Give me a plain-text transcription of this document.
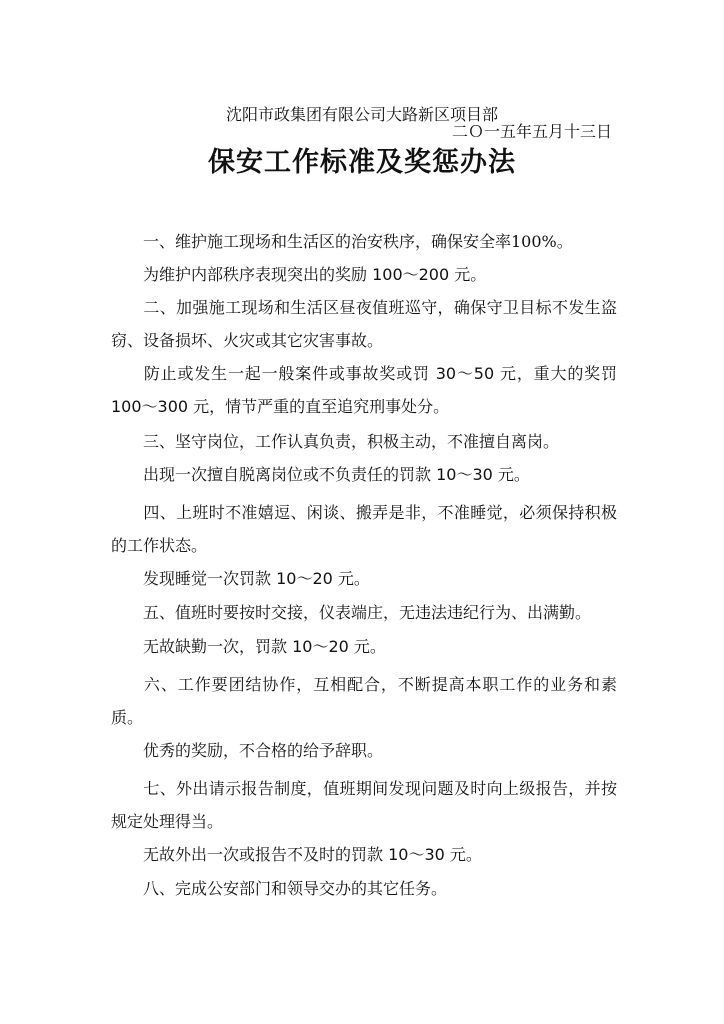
沈阳市政集团有限公司大路新区项目部
二Ｏ一五年五月十三日
保安工作标准及奖惩办法
一、维护施工现场和生活区的治安秩序，确保安全率100%。
为维护内部秩序表现突出的奖励 100～200 元。
二、加强施工现场和生活区昼夜值班巡守，确保守卫目标不发生盗窃、设备损坏、火灾或其它灾害事故。
防止或发生一起一般案件或事故奖或罚 30～50 元，重大的奖罚 100～300 元，情节严重的直至追究刑事处分。
三、坚守岗位，工作认真负责，积极主动，不准擅自离岗。
出现一次擅自脱离岗位或不负责任的罚款 10～30 元。
四、上班时不准嬉逗、闲谈、搬弄是非，不准睡觉，必须保持积极的工作状态。
发现睡觉一次罚款 10～20 元。
五、值班时要按时交接，仪表端庄，无违法违纪行为、出满勤。
无故缺勤一次，罚款 10～20 元。
六、工作要团结协作，互相配合，不断提高本职工作的业务和素质。
优秀的奖励，不合格的给予辞职。
七、外出请示报告制度，值班期间发现问题及时向上级报告，并按规定处理得当。
无故外出一次或报告不及时的罚款 10～30 元。
八、完成公安部门和领导交办的其它任务。
